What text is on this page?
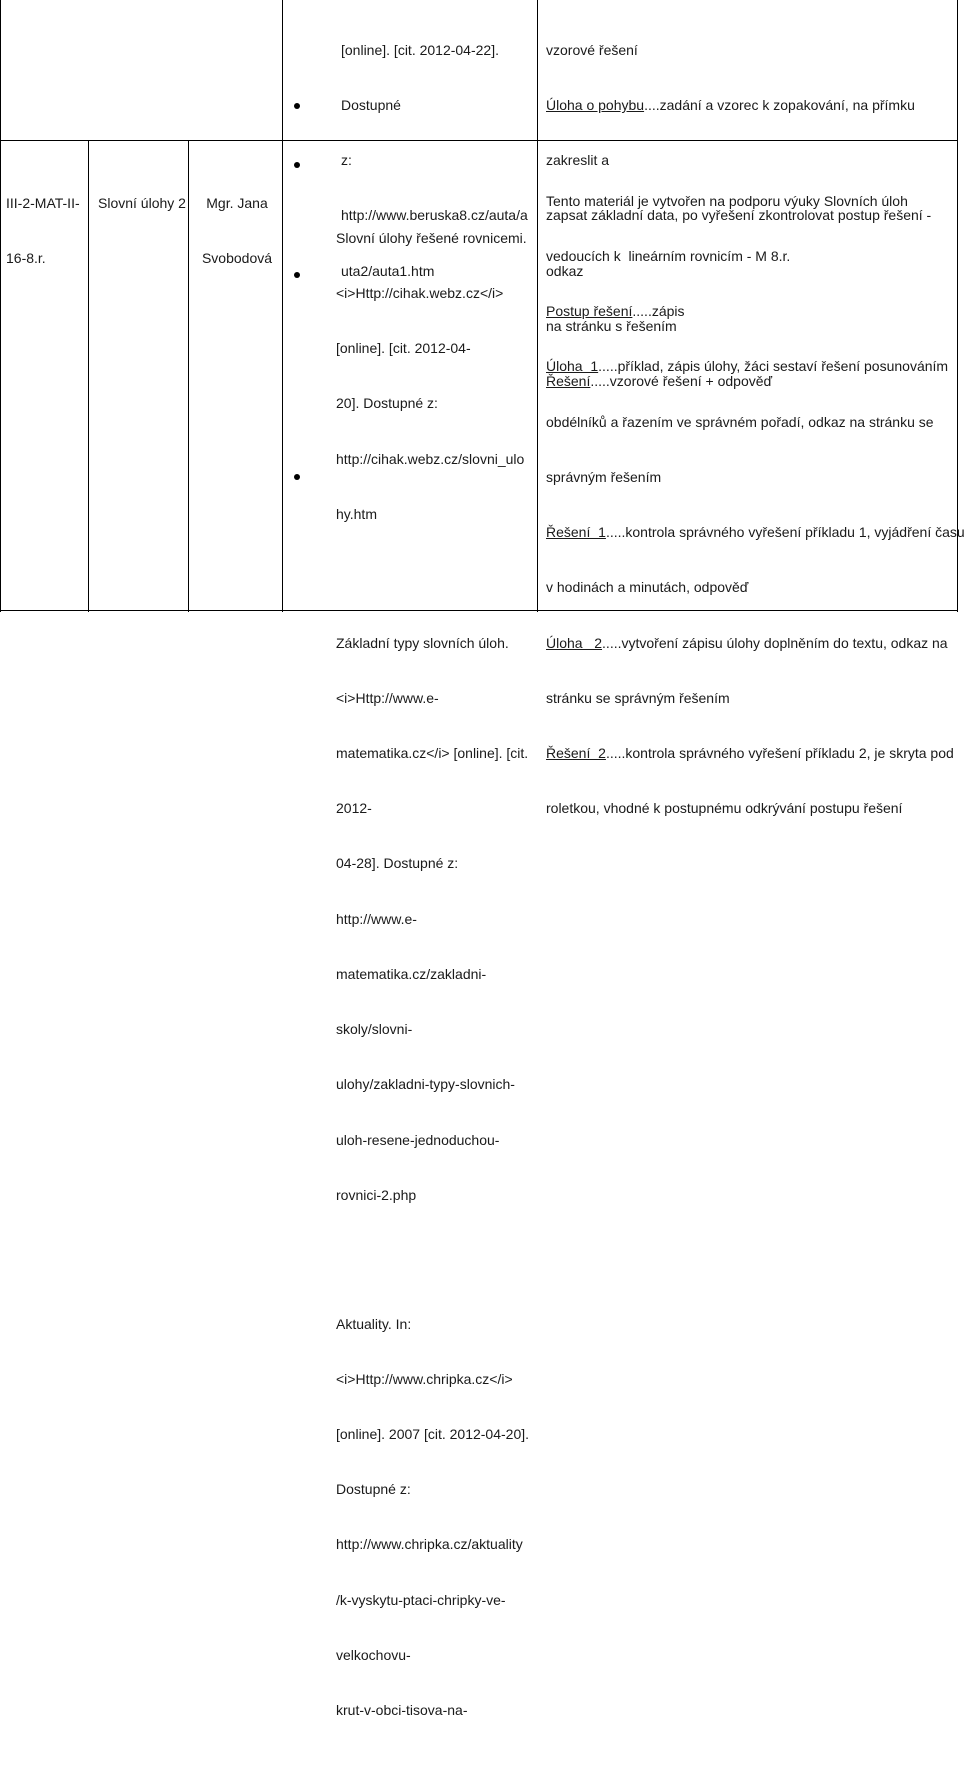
[online]. [cit. 2012-04-22].

Dostupné

z:

http://www.beruska8.cz/auta/a

uta2/auta1.htm

vzorové řešení

Úloha o pohybu....zadání a vzorec k zopakování, na přímku

zakreslit a

zapsat základní data, po vyřešení zkontrolovat postup řešení -

odkaz

na stránku s řešením

Řešení.....vzorové řešení + odpověď

III-2-MAT-II-

16-8.r.

Slovní úlohy 2

	Mgr. Jana

Svobodová

Slovní úlohy řešené rovnicemi.

<i>Http://cihak.webz.cz</i>

[online]. [cit. 2012-04-

20]. Dostupné z:

http://cihak.webz.cz/slovni_ulo

hy.htm

Základní typy slovních úloh.

<i>Http://www.e-

matematika.cz</i> [online]. [cit.

2012-

04-28]. Dostupné z:

http://www.e-

matematika.cz/zakladni-

skoly/slovni-

ulohy/zakladni-typy-slovnich-

uloh-resene-jednoduchou-

rovnici-2.php

Aktuality. In:

<i>Http://www.chripka.cz</i>

[online]. 2007 [cit. 2012-04-20].

Dostupné z:

http://www.chripka.cz/aktuality

/k-vyskytu-ptaci-chripky-ve-

velkochovu-

krut-v-obci-tisova-na-

Tento materiál je vytvořen na podporu výuky Slovních úloh

vedoucích k  lineárním rovnicím - M 8.r.

Postup řešení.....zápis

Úloha  1.....příklad, zápis úlohy, žáci sestaví řešení posunováním

obdélníků a řazením ve správném pořadí, odkaz na stránku se

správným řešením

Řešení  1.....kontrola správného vyřešení příkladu 1, vyjádření času

v hodinách a minutách, odpověď

Úloha   2.....vytvoření zápisu úlohy doplněním do textu, odkaz na

stránku se správným řešením

Řešení  2.....kontrola správného vyřešení příkladu 2, je skryta pod

roletkou, vhodné k postupnému odkrývání postupu řešení
